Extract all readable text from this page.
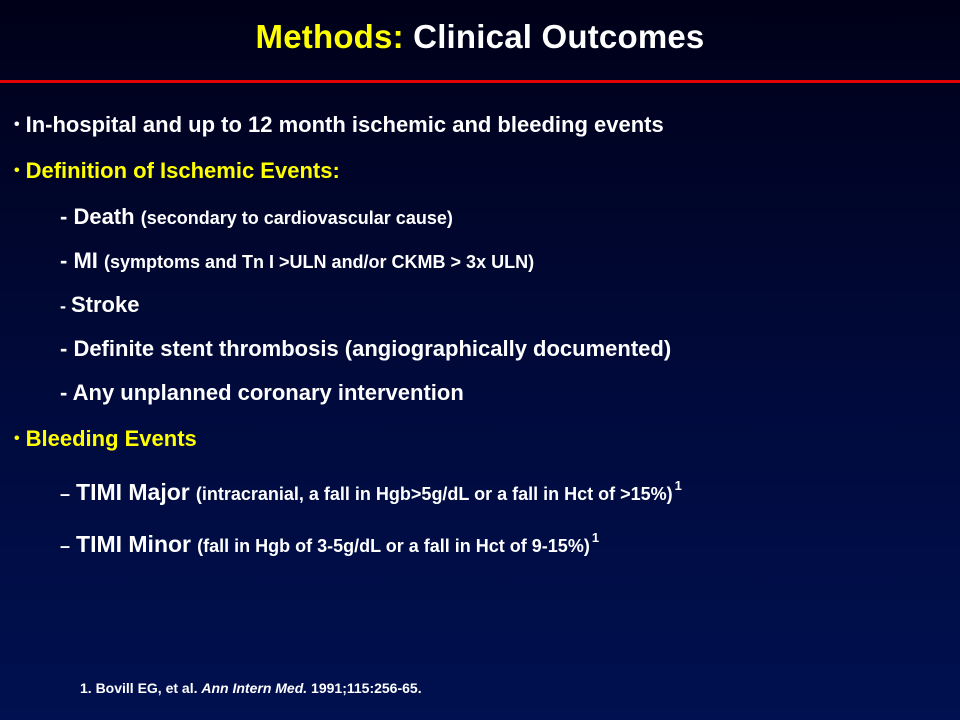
Methods: Clinical Outcomes
• In-hospital and up to 12 month ischemic and bleeding events
• Definition of Ischemic Events:
- Death (secondary to cardiovascular cause)
- MI (symptoms and Tn I >ULN and/or CKMB > 3x ULN)
- Stroke
- Definite stent thrombosis (angiographically documented)
- Any unplanned coronary intervention
• Bleeding Events
– TIMI Major (intracranial, a fall in Hgb>5g/dL or a fall in Hct of >15%) $^1$
– TIMI Minor (fall in Hgb of 3-5g/dL or a fall in Hct of 9-15%) $^1$
1. Bovill EG, et al. Ann Intern Med. 1991;115:256-65.
